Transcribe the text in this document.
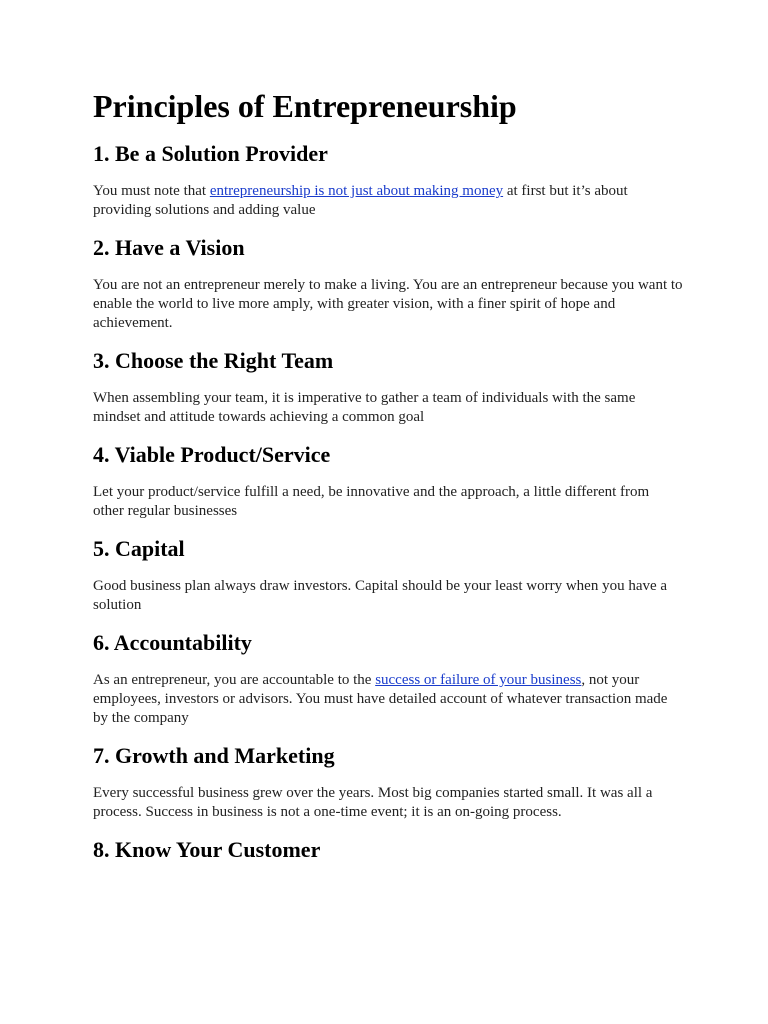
Principles of Entrepreneurship
1. Be a Solution Provider

You must note that entrepreneurship is not just about making money at first but it’s about providing solutions and adding value

2. Have a Vision

You are not an entrepreneur merely to make a living. You are an entrepreneur because you want to enable the world to live more amply, with greater vision, with a finer spirit of hope and achievement.

3. Choose the Right Team

When assembling your team, it is imperative to gather a team of individuals with the same mindset and attitude towards achieving a common goal

4. Viable Product/Service

Let your product/service fulfill a need, be innovative and the approach, a little different from other regular businesses

5. Capital

Good business plan always draw investors. Capital should be your least worry when you have a solution

6. Accountability

As an entrepreneur, you are accountable to the success or failure of your business, not your employees, investors or advisors. You must have detailed account of whatever transaction made by the company

7. Growth and Marketing

Every successful business grew over the years. Most big companies started small. It was all a process. Success in business is not a one-time event; it is an on-going process.

8. Know Your Customer
